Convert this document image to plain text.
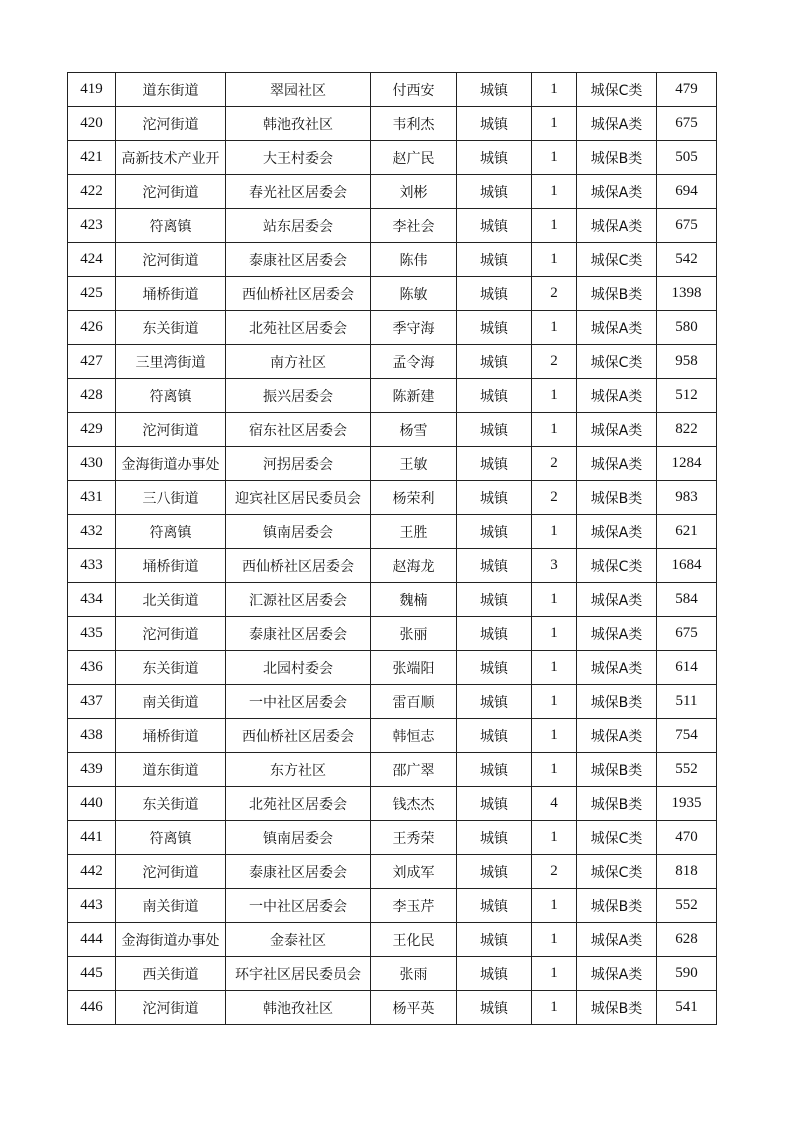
419	道东街道	翠园社区	付西安	城镇	1	城保C类	479
420	沱河街道	韩池孜社区	韦利杰	城镇	1	城保A类	675
421	高新技术产业开	大王村委会	赵广民	城镇	1	城保B类	505
422	沱河街道	春光社区居委会	刘彬	城镇	1	城保A类	694
423	符离镇	站东居委会	李社会	城镇	1	城保A类	675
424	沱河街道	泰康社区居委会	陈伟	城镇	1	城保C类	542
425	埇桥街道	西仙桥社区居委会	陈敏	城镇	2	城保B类	1398
426	东关街道	北苑社区居委会	季守海	城镇	1	城保A类	580
427	三里湾街道	南方社区	孟令海	城镇	2	城保C类	958
428	符离镇	振兴居委会	陈新建	城镇	1	城保A类	512
429	沱河街道	宿东社区居委会	杨雪	城镇	1	城保A类	822
430	金海街道办事处	河拐居委会	王敏	城镇	2	城保A类	1284
431	三八街道	迎宾社区居民委员会	杨荣利	城镇	2	城保B类	983
432	符离镇	镇南居委会	王胜	城镇	1	城保A类	621
433	埇桥街道	西仙桥社区居委会	赵海龙	城镇	3	城保C类	1684
434	北关街道	汇源社区居委会	魏楠	城镇	1	城保A类	584
435	沱河街道	泰康社区居委会	张丽	城镇	1	城保A类	675
436	东关街道	北园村委会	张端阳	城镇	1	城保A类	614
437	南关街道	一中社区居委会	雷百顺	城镇	1	城保B类	511
438	埇桥街道	西仙桥社区居委会	韩恒志	城镇	1	城保A类	754
439	道东街道	东方社区	邵广翠	城镇	1	城保B类	552
440	东关街道	北苑社区居委会	钱杰杰	城镇	4	城保B类	1935
441	符离镇	镇南居委会	王秀荣	城镇	1	城保C类	470
442	沱河街道	泰康社区居委会	刘成军	城镇	2	城保C类	818
443	南关街道	一中社区居委会	李玉芹	城镇	1	城保B类	552
444	金海街道办事处	金泰社区	王化民	城镇	1	城保A类	628
445	西关街道	环宇社区居民委员会	张雨	城镇	1	城保A类	590
446	沱河街道	韩池孜社区	杨平英	城镇	1	城保B类	541
